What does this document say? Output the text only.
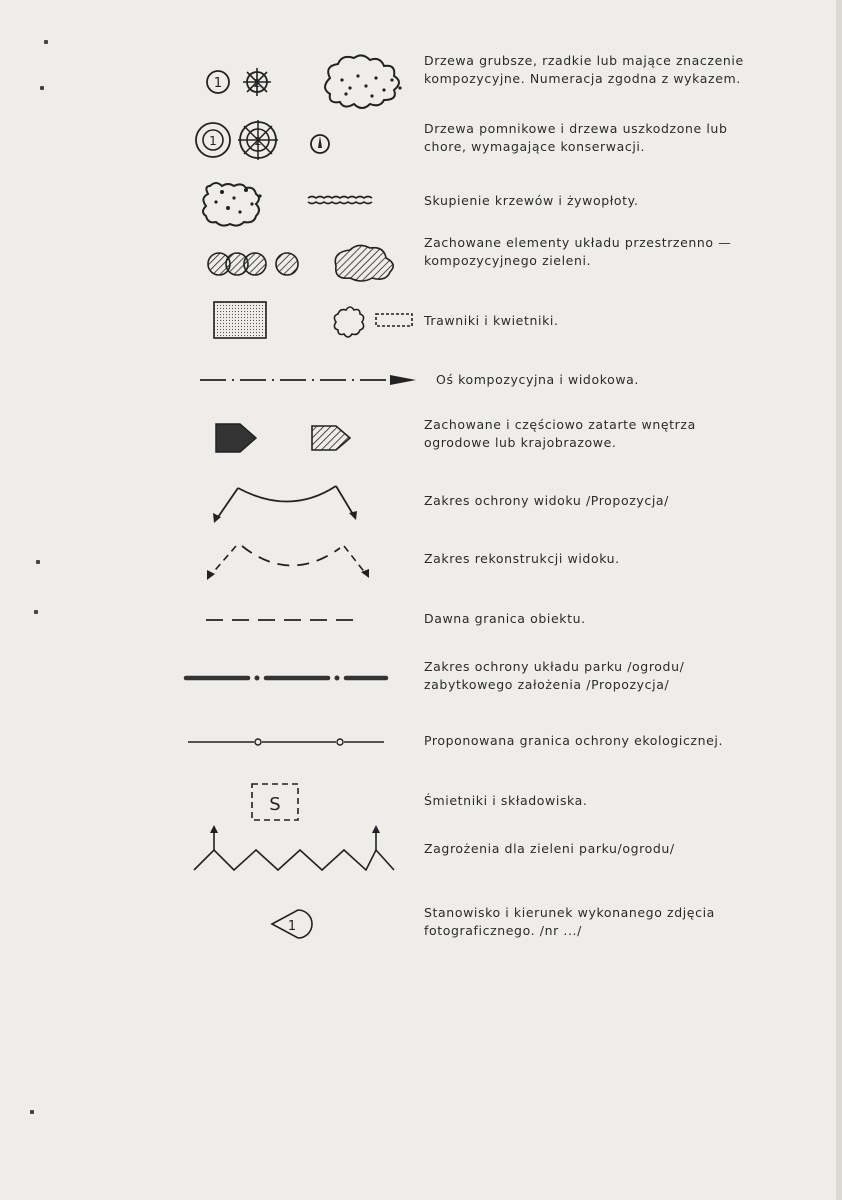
1	2
Drzewa grubsze, rzadkie lub mające znaczenie
kompozycyjne. Numeracja zgodna z wykazem.
1	2
Drzewa pomnikowe i drzewa uszkodzone lub
chore, wymagające konserwacji.
Skupienie krzewów i żywopłoty.
Zachowane elementy układu przestrzenno —
kompozycyjnego zieleni.
Trawniki i kwietniki.
Oś kompozycyjna i widokowa.
Zachowane i częściowo zatarte wnętrza
ogrodowe lub krajobrazowe.
Zakres ochrony widoku /Propozycja/
Zakres rekonstrukcji widoku.
Dawna granica obiektu.
Zakres ochrony układu parku /ogrodu/
zabytkowego założenia /Propozycja/
Proponowana granica ochrony ekologicznej.
S	Śmietniki i składowiska.
Zagrożenia dla zieleni parku/ogrodu/
1
Stanowisko i kierunek wykonanego zdjęcia
fotograficznego. /nr .../
